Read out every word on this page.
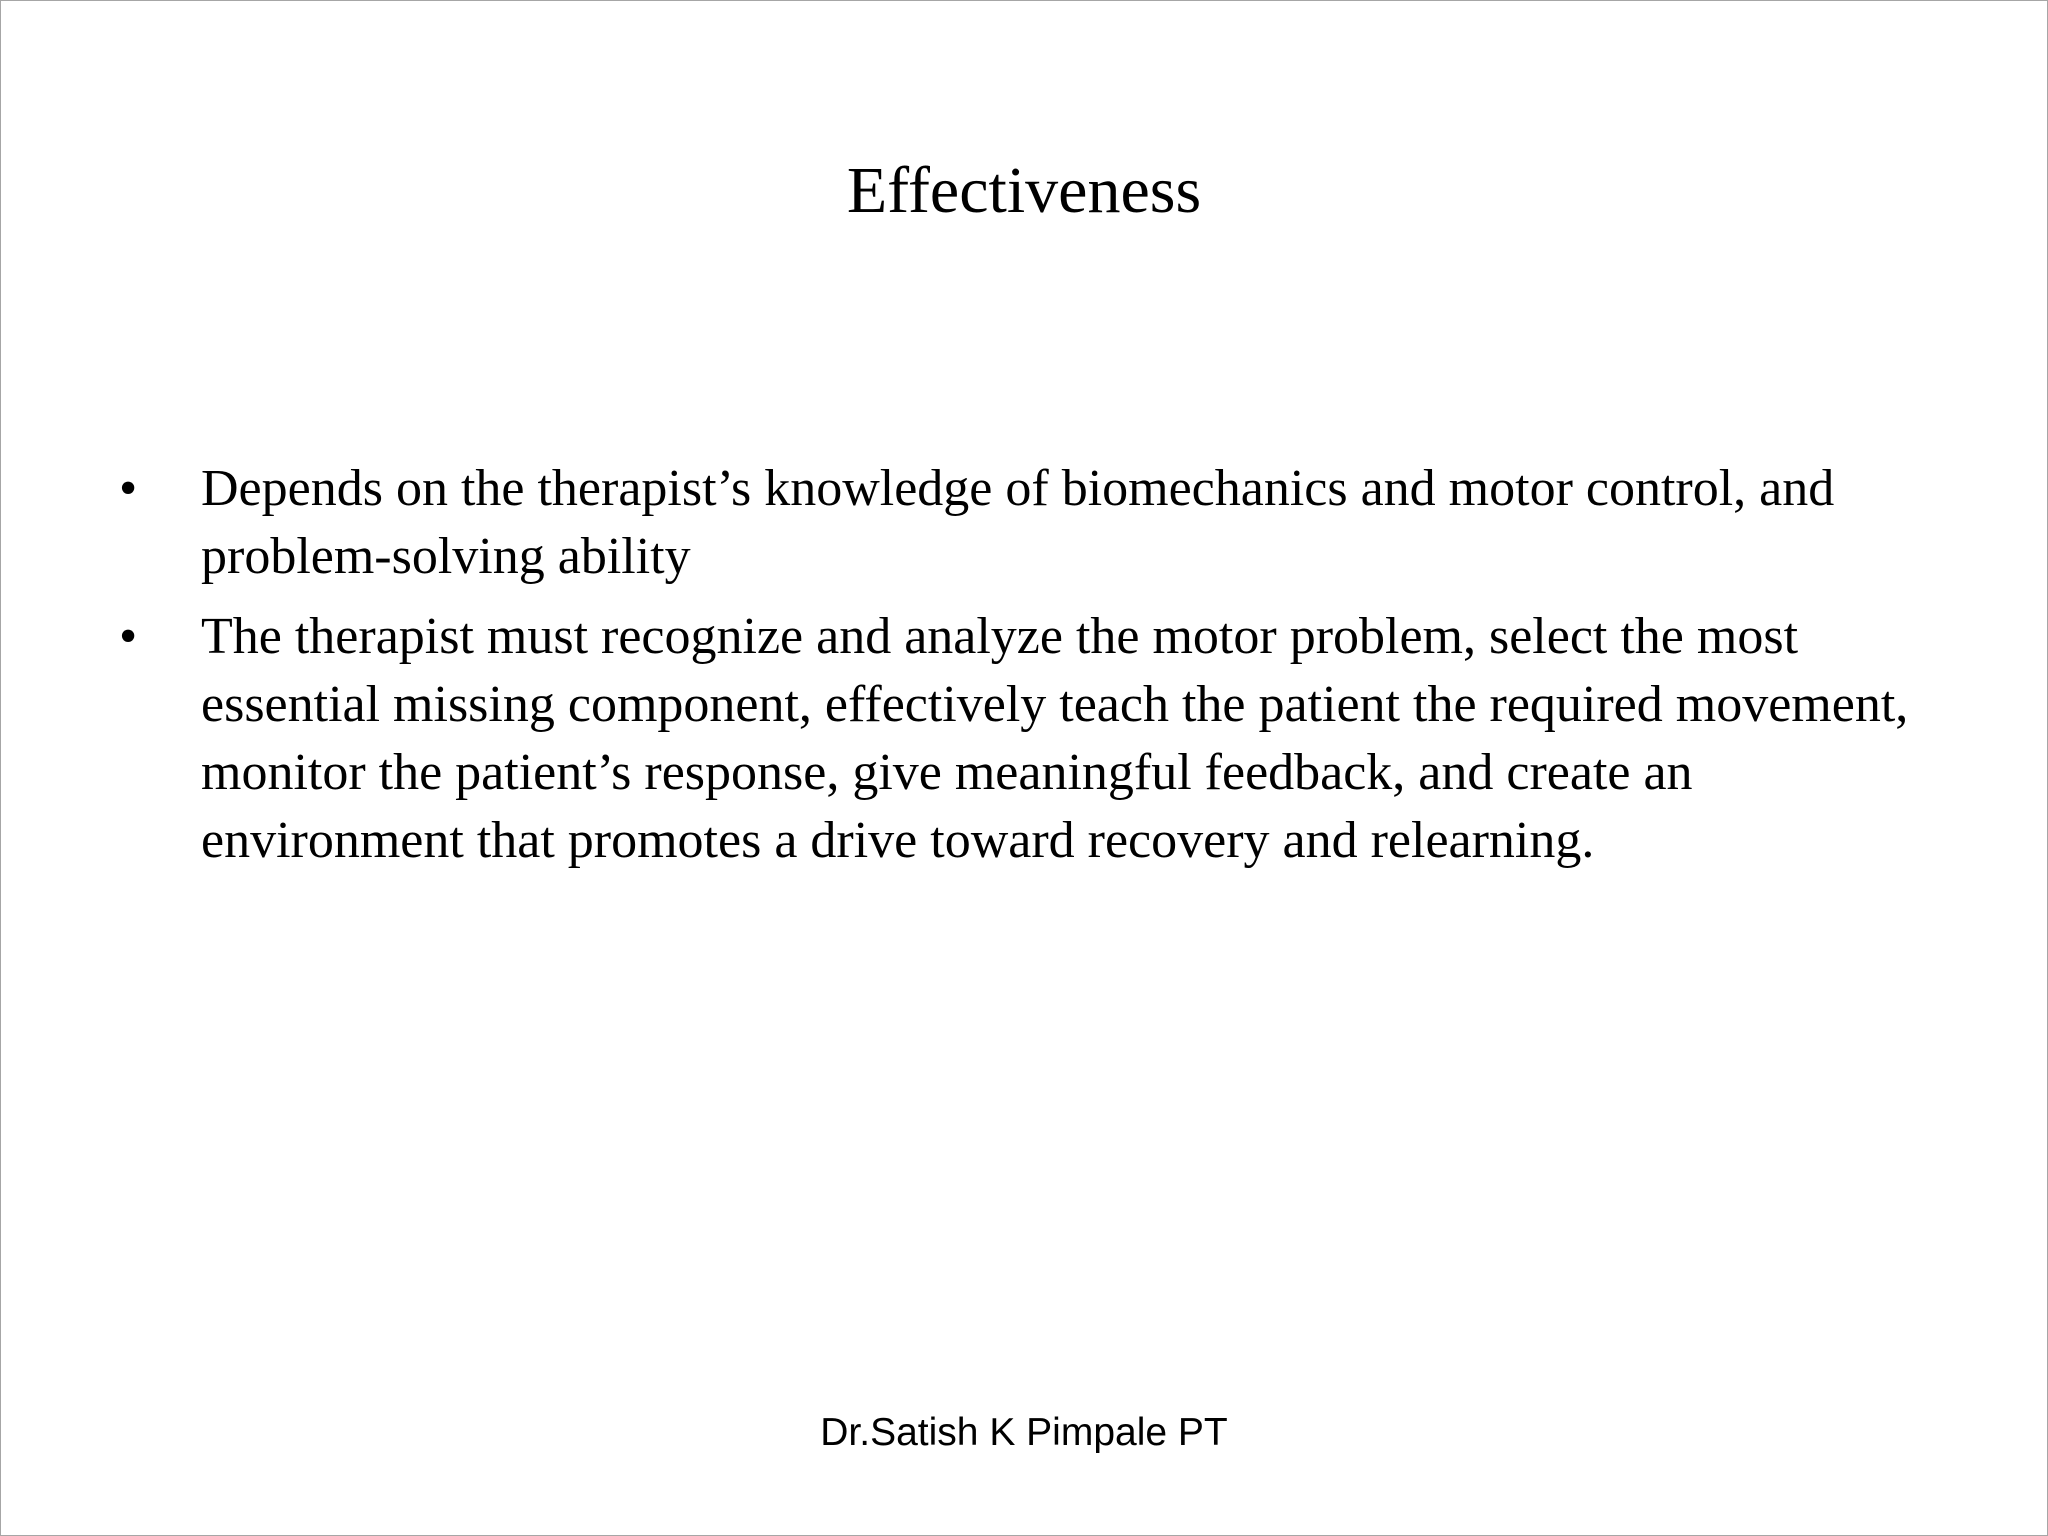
Effectiveness
•	Depends on the therapist’s knowledge of biomechanics and motor control, and problem-solving ability
•	The therapist must recognize and analyze the motor problem, select the most essential missing component, effectively teach the patient the required movement, monitor the patient’s response, give meaningful feedback, and create an environment that promotes a drive toward recovery and relearning.
Dr.Satish K Pimpale PT
